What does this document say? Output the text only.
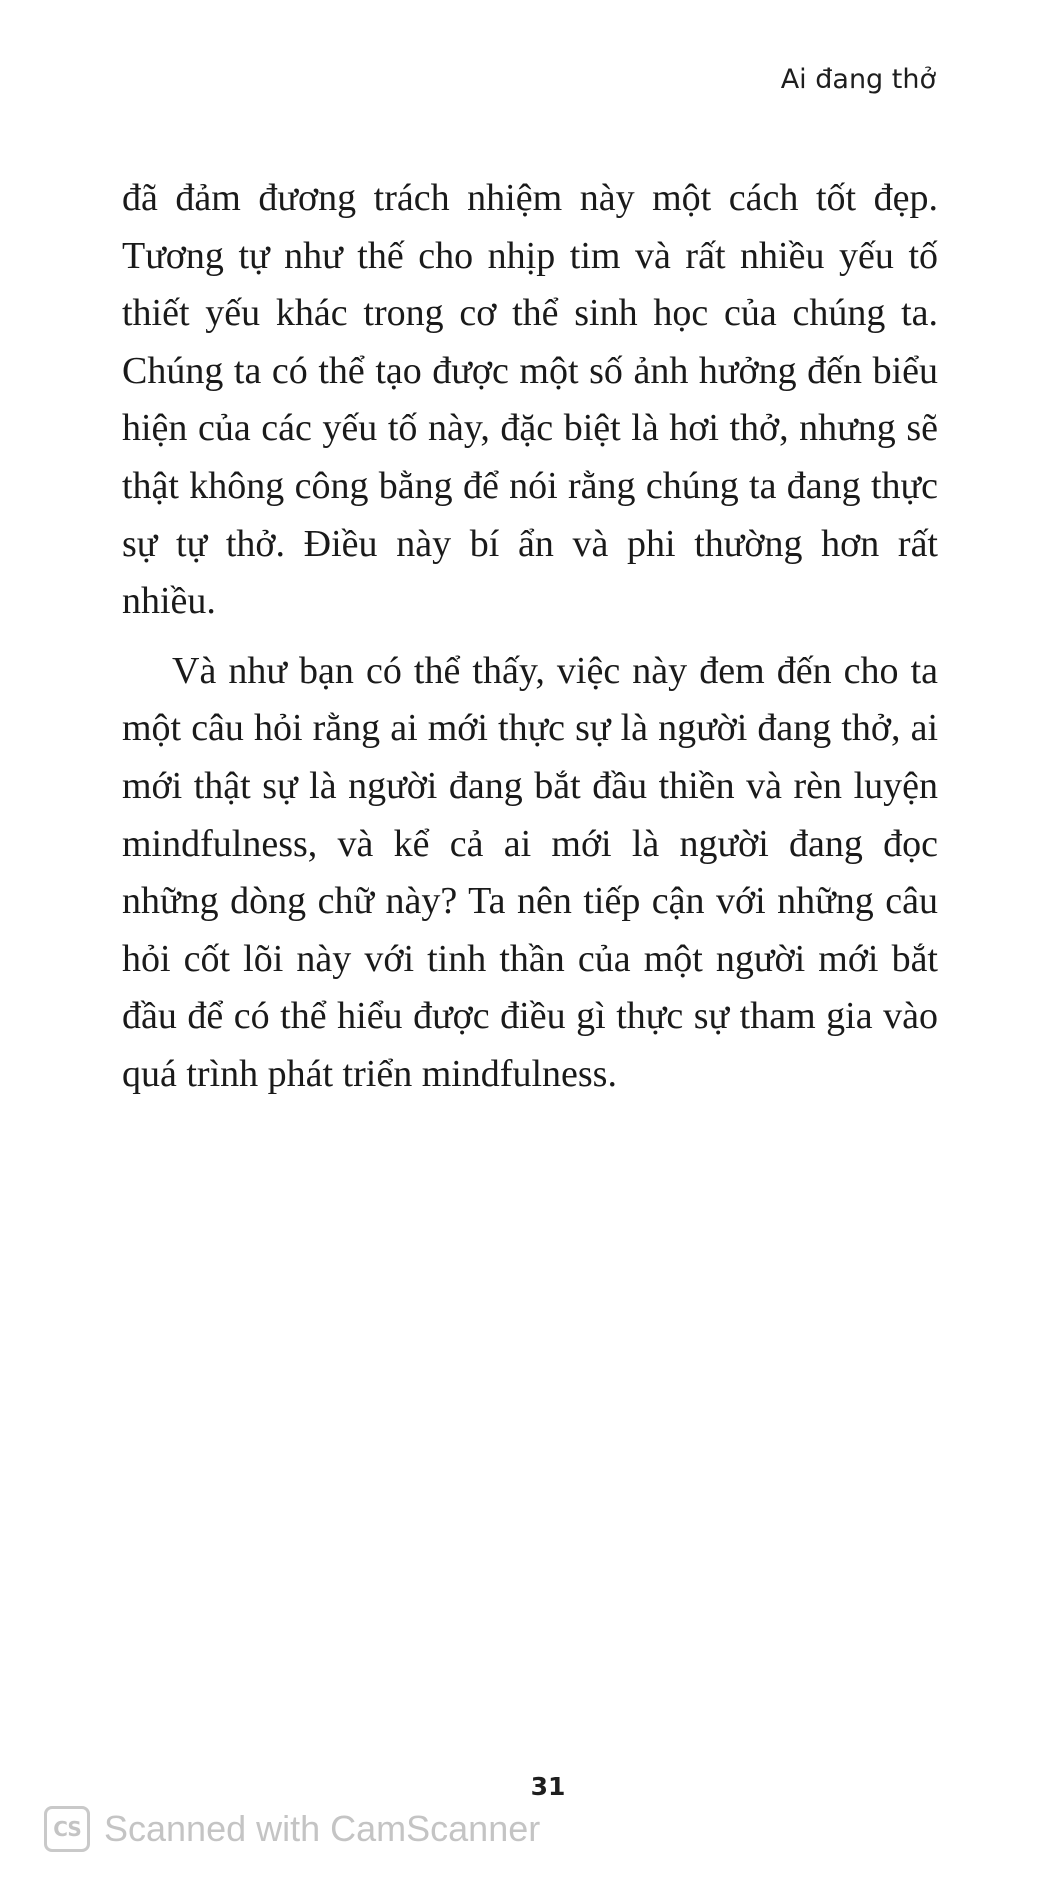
Ai đang thở

đã đảm đương trách nhiệm này một cách tốt đẹp. Tương tự như thế cho nhịp tim và rất nhiều yếu tố thiết yếu khác trong cơ thể sinh học của chúng ta. Chúng ta có thể tạo được một số ảnh hưởng đến biểu hiện của các yếu tố này, đặc biệt là hơi thở, nhưng sẽ thật không công bằng để nói rằng chúng ta đang thực sự tự thở. Điều này bí ẩn và phi thường hơn rất nhiều.

Và như bạn có thể thấy, việc này đem đến cho ta một câu hỏi rằng ai mới thực sự là người đang thở, ai mới thật sự là người đang bắt đầu thiền và rèn luyện mindfulness, và kể cả ai mới là người đang đọc những dòng chữ này? Ta nên tiếp cận với những câu hỏi cốt lõi này với tinh thần của một người mới bắt đầu để có thể hiểu được điều gì thực sự tham gia vào quá trình phát triển mindfulness.

31
CS Scanned with CamScanner
